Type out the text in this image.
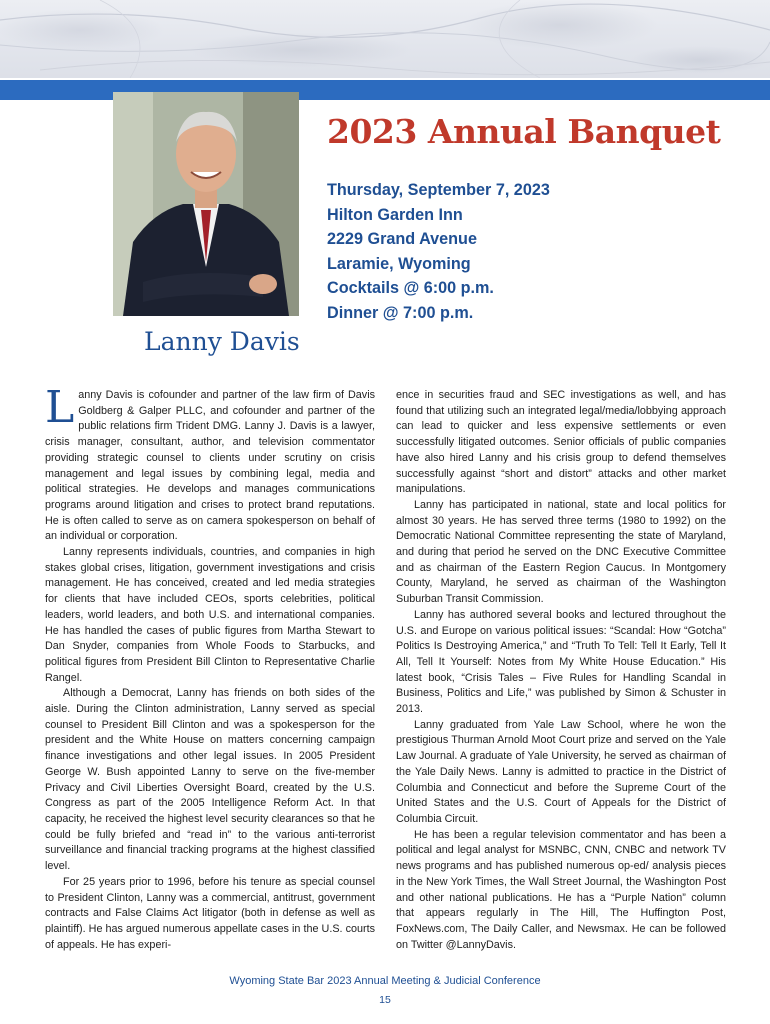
2023 Annual Banquet
Thursday, September 7, 2023
Hilton Garden Inn
2229 Grand Avenue
Laramie, Wyoming
Cocktails @ 6:00 p.m.
Dinner @ 7:00 p.m.
Lanny Davis

Lanny Davis is cofounder and partner of the law firm of Davis Goldberg & Galper PLLC, and cofounder and partner of the public relations firm Trident DMG. Lanny J. Davis is a lawyer, crisis manager, consultant, author, and television commentator providing strategic counsel to clients under scrutiny on crisis management and legal issues by combining legal, media and political strategies. He develops and manages communications programs around litigation and crises to protect brand reputations. He is often called to serve as on camera spokesperson on behalf of an individual or corporation.

Lanny represents individuals, countries, and companies in high stakes global crises, litigation, government investigations and crisis management. He has conceived, created and led media strategies for clients that have included CEOs, sports celebrities, political leaders, world leaders, and both U.S. and international companies. He has handled the cases of public figures from Martha Stewart to Dan Snyder, companies from Whole Foods to Starbucks, and political figures from President Bill Clinton to Representative Charlie Rangel.

Although a Democrat, Lanny has friends on both sides of the aisle. During the Clinton administration, Lanny served as special counsel to President Bill Clinton and was a spokesperson for the president and the White House on matters concerning campaign finance investigations and other legal issues. In 2005 President George W. Bush appointed Lanny to serve on the five-member Privacy and Civil Liberties Oversight Board, created by the U.S. Congress as part of the 2005 Intelligence Reform Act. In that capacity, he received the highest level security clearances so that he could be fully briefed and “read in” to the various anti-terrorist surveillance and financial tracking programs at the highest classified level.

For 25 years prior to 1996, before his tenure as special counsel to President Clinton, Lanny was a commercial, antitrust, government contracts and False Claims Act litigator (both in defense as well as plaintiff). He has argued numerous appellate cases in the U.S. courts of appeals. He has experi-

ence in securities fraud and SEC investigations as well, and has found that utilizing such an integrated legal/media/lobbying approach can lead to quicker and less expensive settlements or even successfully litigated outcomes. Senior officials of public companies have also hired Lanny and his crisis group to defend themselves successfully against “short and distort” attacks and other market manipulations.

Lanny has participated in national, state and local politics for almost 30 years. He has served three terms (1980 to 1992) on the Democratic National Committee representing the state of Maryland, and during that period he served on the DNC Executive Committee and as chairman of the Eastern Region Caucus. In Montgomery County, Maryland, he served as chairman of the Washington Suburban Transit Commission.

Lanny has authored several books and lectured throughout the U.S. and Europe on various political issues: “Scandal: How “Gotcha” Politics Is Destroying America,” and “Truth To Tell: Tell It Early, Tell It All, Tell It Yourself: Notes from My White House Education.” His latest book, “Crisis Tales – Five Rules for Handling Scandal in Business, Politics and Life,” was published by Simon & Schuster in 2013.

Lanny graduated from Yale Law School, where he won the prestigious Thurman Arnold Moot Court prize and served on the Yale Law Journal. A graduate of Yale University, he served as chairman of the Yale Daily News. Lanny is admitted to practice in the District of Columbia and Connecticut and before the Supreme Court of the United States and the U.S. Court of Appeals for the District of Columbia Circuit.

He has been a regular television commentator and has been a political and legal analyst for MSNBC, CNN, CNBC and network TV news programs and has published numerous op-ed/ analysis pieces in the New York Times, the Wall Street Journal, the Washington Post and other national publications. He has a “Purple Nation” column that appears regularly in The Hill, The Huffington Post, FoxNews.com, The Daily Caller, and Newsmax. He can be followed on Twitter @LannyDavis.

Wyoming State Bar 2023 Annual Meeting & Judicial Conference
15
